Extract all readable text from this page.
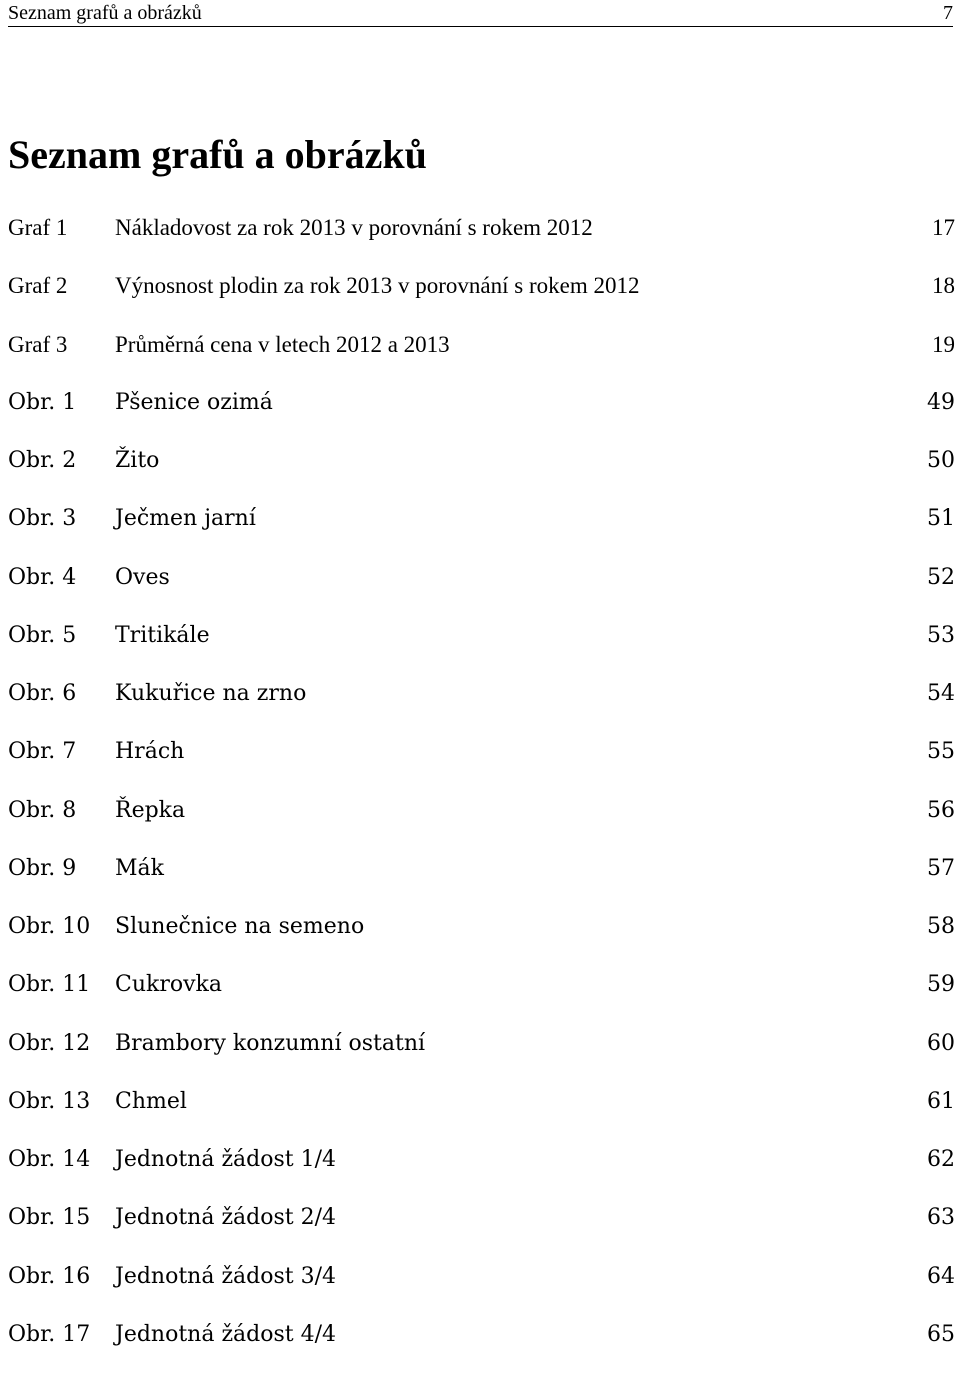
Seznam grafů a obrázků	7
Seznam grafů a obrázků
Graf 1 Nákladovost za rok 2013 v porovnání s rokem 2012	17
Graf 2 Výnosnost plodin za rok 2013 v porovnání s rokem 2012	18
Graf 3 Průměrná cena v letech 2012 a 2013	19
Obr. 1 Pšenice ozimá	49
Obr. 2 Žito	50
Obr. 3 Ječmen jarní	51
Obr. 4 Oves	52
Obr. 5 Tritikále	53
Obr. 6 Kukuřice na zrno	54
Obr. 7 Hrách	55
Obr. 8 Řepka	56
Obr. 9 Mák	57
Obr. 10 Slunečnice na semeno	58
Obr. 11 Cukrovka	59
Obr. 12 Brambory konzumní ostatní	60
Obr. 13 Chmel	61
Obr. 14 Jednotná žádost 1/4	62
Obr. 15 Jednotná žádost 2/4	63
Obr. 16 Jednotná žádost 3/4	64
Obr. 17 Jednotná žádost 4/4	65
